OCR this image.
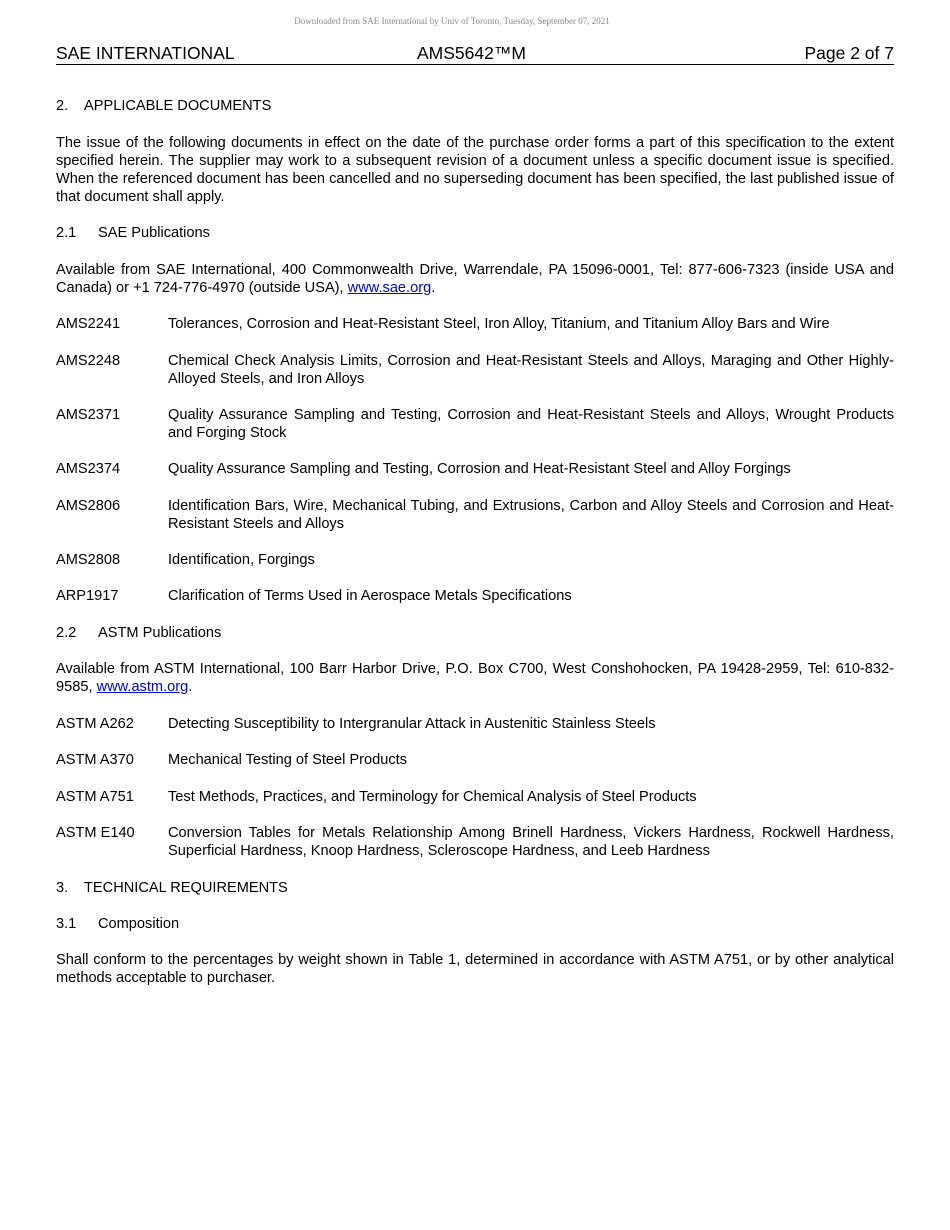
Downloaded from SAE International by Univ of Toronto, Tuesday, September 07, 2021
SAE INTERNATIONAL	AMS5642™M	Page 2 of 7
2. APPLICABLE DOCUMENTS
The issue of the following documents in effect on the date of the purchase order forms a part of this specification to the extent specified herein. The supplier may work to a subsequent revision of a document unless a specific document issue is specified. When the referenced document has been cancelled and no superseding document has been specified, the last published issue of that document shall apply.
2.1 SAE Publications
Available from SAE International, 400 Commonwealth Drive, Warrendale, PA 15096-0001, Tel: 877-606-7323 (inside USA and Canada) or +1 724-776-4970 (outside USA), www.sae.org.
AMS2241	Tolerances, Corrosion and Heat-Resistant Steel, Iron Alloy, Titanium, and Titanium Alloy Bars and Wire
AMS2248	Chemical Check Analysis Limits, Corrosion and Heat-Resistant Steels and Alloys, Maraging and Other Highly-Alloyed Steels, and Iron Alloys
AMS2371	Quality Assurance Sampling and Testing, Corrosion and Heat-Resistant Steels and Alloys, Wrought Products and Forging Stock
AMS2374	Quality Assurance Sampling and Testing, Corrosion and Heat-Resistant Steel and Alloy Forgings
AMS2806	Identification Bars, Wire, Mechanical Tubing, and Extrusions, Carbon and Alloy Steels and Corrosion and Heat-Resistant Steels and Alloys
AMS2808	Identification, Forgings
ARP1917	Clarification of Terms Used in Aerospace Metals Specifications
2.2 ASTM Publications
Available from ASTM International, 100 Barr Harbor Drive, P.O. Box C700, West Conshohocken, PA 19428-2959, Tel: 610-832-9585, www.astm.org.
ASTM A262	Detecting Susceptibility to Intergranular Attack in Austenitic Stainless Steels
ASTM A370	Mechanical Testing of Steel Products
ASTM A751	Test Methods, Practices, and Terminology for Chemical Analysis of Steel Products
ASTM E140	Conversion Tables for Metals Relationship Among Brinell Hardness, Vickers Hardness, Rockwell Hardness, Superficial Hardness, Knoop Hardness, Scleroscope Hardness, and Leeb Hardness
3. TECHNICAL REQUIREMENTS
3.1 Composition
Shall conform to the percentages by weight shown in Table 1, determined in accordance with ASTM A751, or by other analytical methods acceptable to purchaser.
